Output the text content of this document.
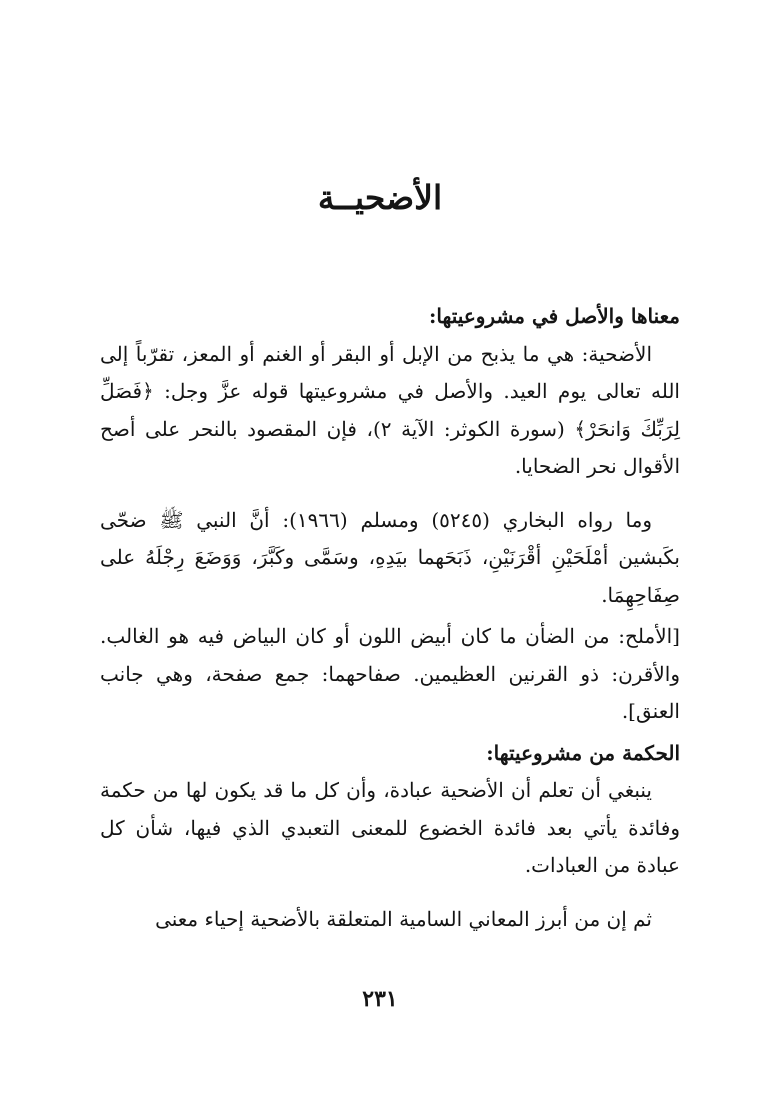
الأضحيــة

معناها والأصل في مشروعيتها:

الأضحية: هي ما يذبح من الإبل أو البقر أو الغنم أو المعز، تقرّباً إلى الله تعالى يوم العيد. والأصل في مشروعيتها قوله عزَّ وجل: ﴿فَصَلِّ لِرَبِّكَ وَانحَرْ﴾ (سورة الكوثر: الآية ٢)، فإن المقصود بالنحر على أصح الأقوال نحر الضحايا.

وما رواه البخاري (٥٢٤٥) ومسلم (١٩٦٦): أنَّ النبي ﷺ ضحّى بكَبشين أمْلَحَيْنِ أقْرَنَيْنِ، ذَبَحَهما بيَدِهِ، وسَمَّى وكَبَّرَ، وَوَضَعَ رِجْلَهُ على صِفَاحِهِمَا.

[الأملح: من الضأن ما كان أبيض اللون أو كان البياض فيه هو الغالب. والأقرن: ذو القرنين العظيمين. صفاحهما: جمع صفحة، وهي جانب العنق].

الحكمة من مشروعيتها:

ينبغي أن تعلم أن الأضحية عبادة، وأن كل ما قد يكون لها من حكمة وفائدة يأتي بعد فائدة الخضوع للمعنى التعبدي الذي فيها، شأن كل عبادة من العبادات.

ثم إن من أبرز المعاني السامية المتعلقة بالأضحية إحياء معنى

٢٣١
